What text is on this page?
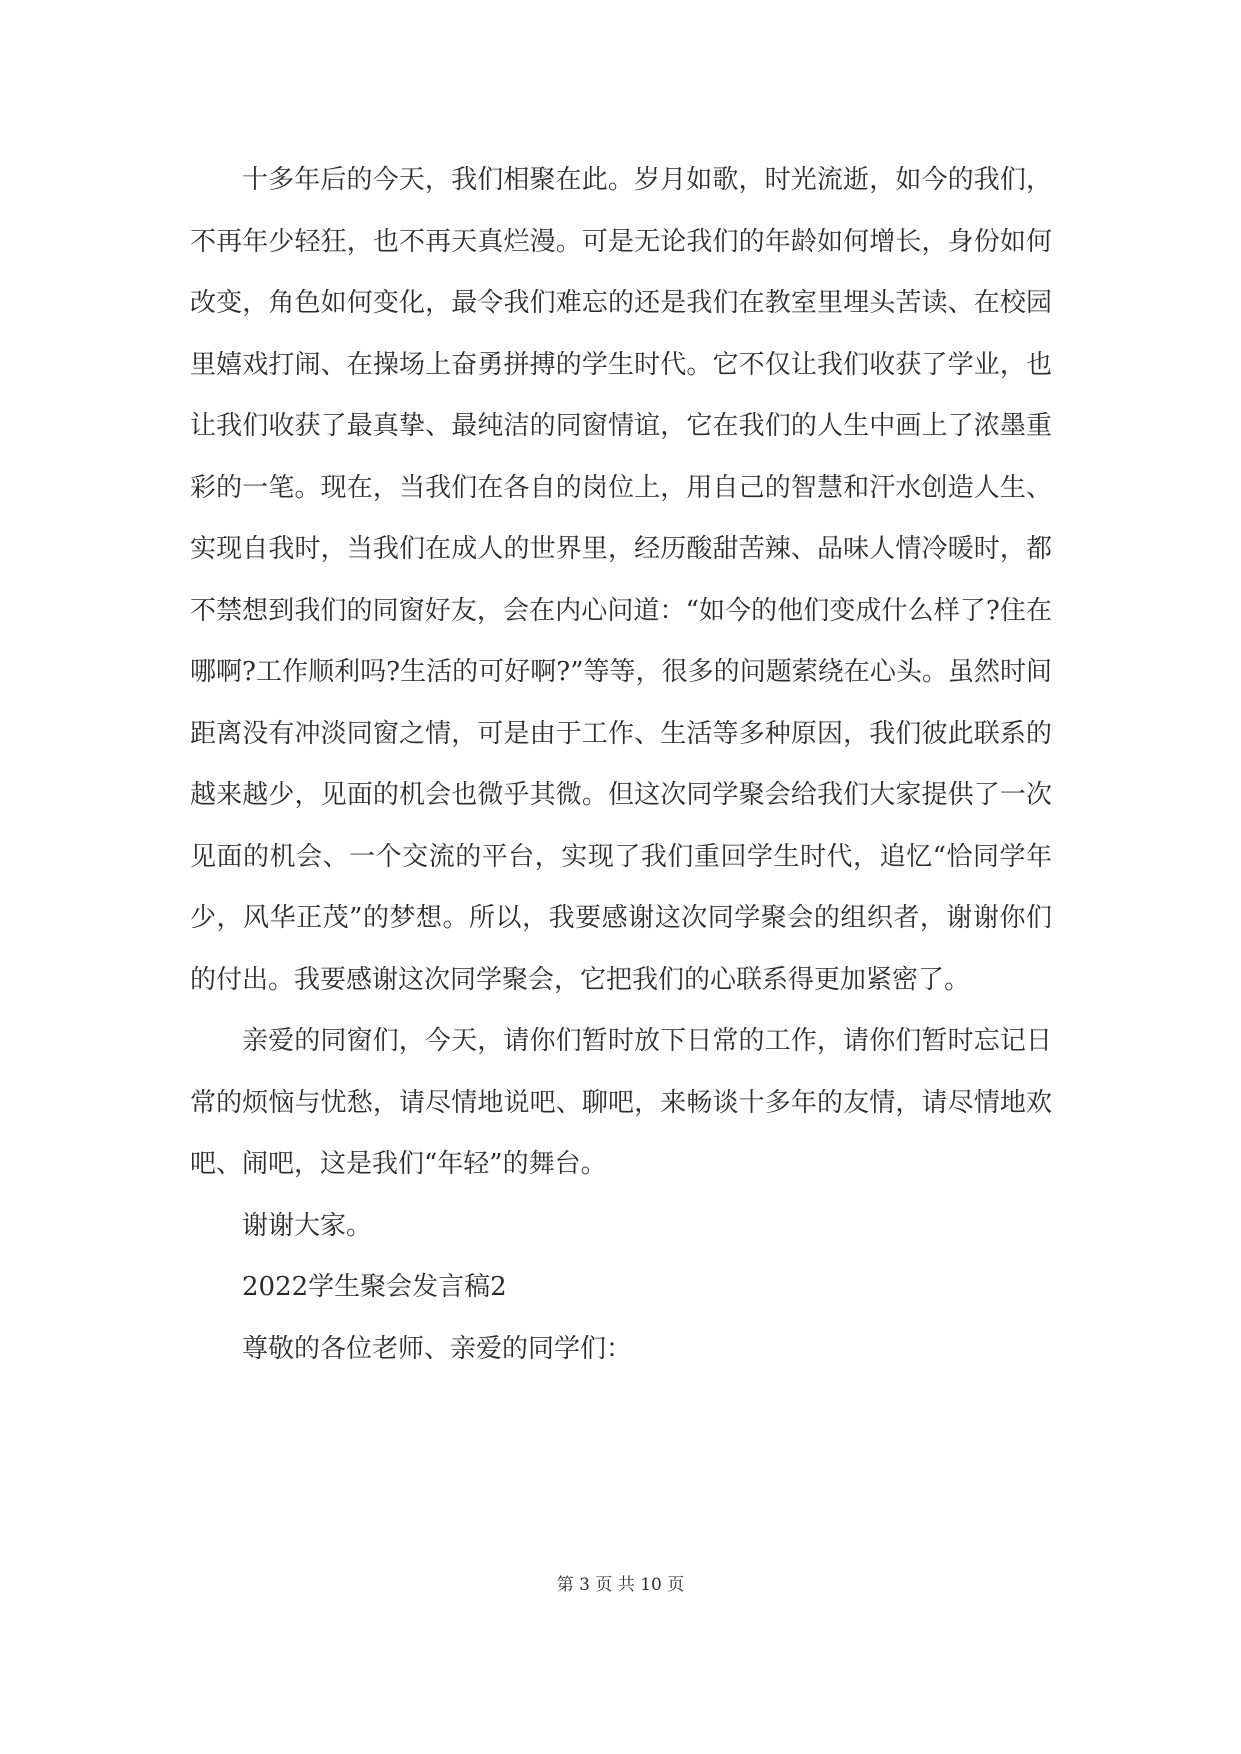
十多年后的今天，我们相聚在此。岁月如歌，时光流逝，如今的我们，不再年少轻狂，也不再天真烂漫。可是无论我们的年龄如何增长，身份如何改变，角色如何变化，最令我们难忘的还是我们在教室里埋头苦读、在校园里嬉戏打闹、在操场上奋勇拼搏的学生时代。它不仅让我们收获了学业，也让我们收获了最真挚、最纯洁的同窗情谊，它在我们的人生中画上了浓墨重彩的一笔。现在，当我们在各自的岗位上，用自己的智慧和汗水创造人生、实现自我时，当我们在成人的世界里，经历酸甜苦辣、品味人情冷暖时，都不禁想到我们的同窗好友，会在内心问道：“如今的他们变成什么样了?住在哪啊?工作顺利吗?生活的可好啊?”等等，很多的问题萦绕在心头。虽然时间距离没有冲淡同窗之情，可是由于工作、生活等多种原因，我们彼此联系的越来越少，见面的机会也微乎其微。但这次同学聚会给我们大家提供了一次见面的机会、一个交流的平台，实现了我们重回学生时代，追忆“恰同学年少，风华正茂”的梦想。所以，我要感谢这次同学聚会的组织者，谢谢你们的付出。我要感谢这次同学聚会，它把我们的心联系得更加紧密了。

亲爱的同窗们，今天，请你们暂时放下日常的工作，请你们暂时忘记日常的烦恼与忧愁，请尽情地说吧、聊吧，来畅谈十多年的友情，请尽情地欢吧、闹吧，这是我们“年轻”的舞台。

谢谢大家。

2022学生聚会发言稿2

尊敬的各位老师、亲爱的同学们：

第 3 页 共 10 页
